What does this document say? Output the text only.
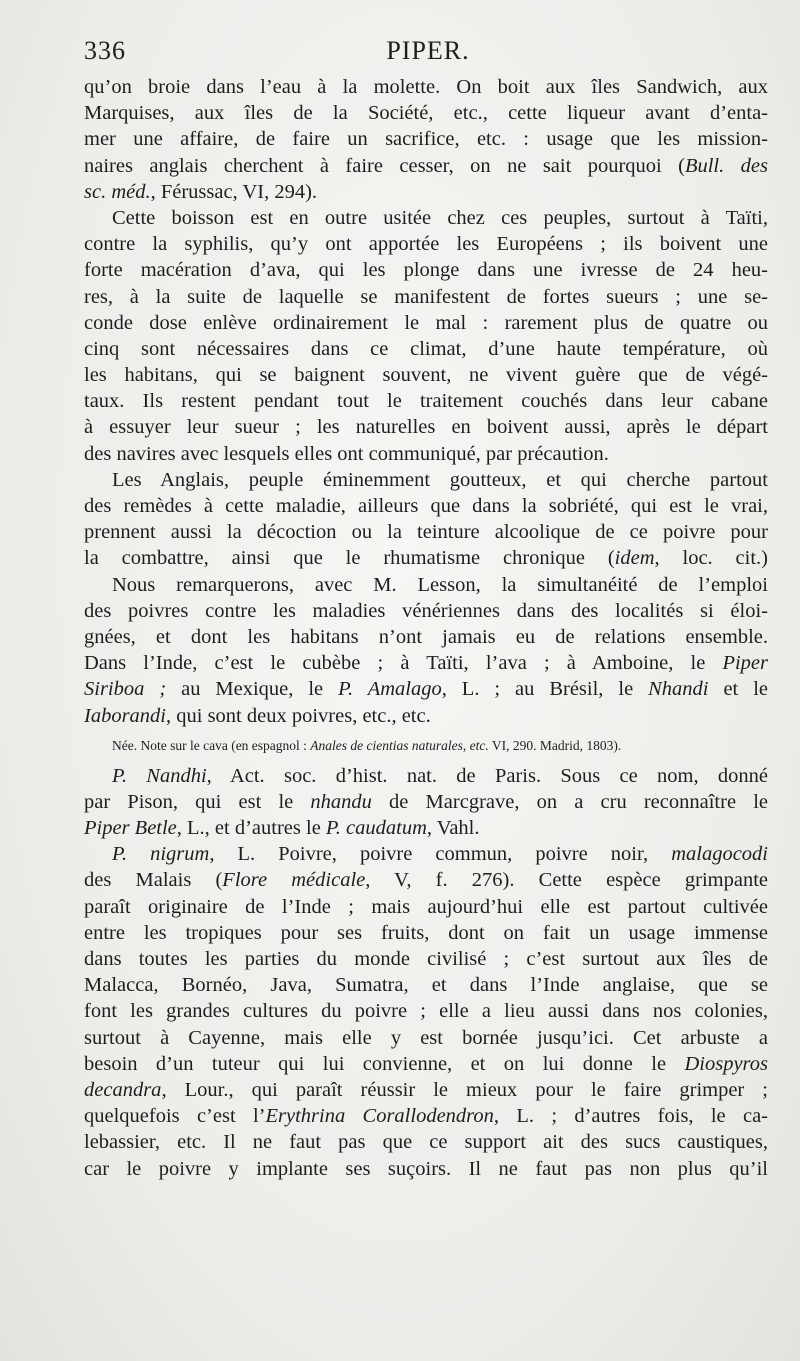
336	PIPER.
qu’on broie dans l’eau à la molette. On boit aux îles Sandwich, aux
Marquises, aux îles de la Société, etc., cette liqueur avant d’enta-
mer une affaire, de faire un sacrifice, etc. : usage que les mission-
naires anglais cherchent à faire cesser, on ne sait pourquoi (Bull. des
sc. méd., Férussac, VI, 294).
Cette boisson est en outre usitée chez ces peuples, surtout à Taïti,
contre la syphilis, qu’y ont apportée les Européens ; ils boivent une
forte macération d’ava, qui les plonge dans une ivresse de 24 heu-
res, à la suite de laquelle se manifestent de fortes sueurs ; une se-
conde dose enlève ordinairement le mal : rarement plus de quatre ou
cinq sont nécessaires dans ce climat, d’une haute température, où
les habitans, qui se baignent souvent, ne vivent guère que de végé-
taux. Ils restent pendant tout le traitement couchés dans leur cabane
à essuyer leur sueur ; les naturelles en boivent aussi, après le départ
des navires avec lesquels elles ont communiqué, par précaution.
Les Anglais, peuple éminemment goutteux, et qui cherche partout
des remèdes à cette maladie, ailleurs que dans la sobriété, qui est le vrai,
prennent aussi la décoction ou la teinture alcoolique de ce poivre pour
la combattre, ainsi que le rhumatisme chronique (idem, loc. cit.)
Nous remarquerons, avec M. Lesson, la simultanéité de l’emploi
des poivres contre les maladies vénériennes dans des localités si éloi-
gnées, et dont les habitans n’ont jamais eu de relations ensemble.
Dans l’Inde, c’est le cubèbe ; à Taïti, l’ava ; à Amboine, le Piper
Siriboa ; au Mexique, le P. Amalago, L. ; au Brésil, le Nhandi et le
Iaborandi, qui sont deux poivres, etc., etc.
Née. Note sur le cava (en espagnol : Anales de cientias naturales, etc. VI, 290. Madrid, 1803).
P. Nandhi, Act. soc. d’hist. nat. de Paris. Sous ce nom, donné
par Pison, qui est le nhandu de Marcgrave, on a cru reconnaître le
Piper Betle, L., et d’autres le P. caudatum, Vahl.
P. nigrum, L. Poivre, poivre commun, poivre noir, malagocodi
des Malais (Flore médicale, V, f. 276). Cette espèce grimpante
paraît originaire de l’Inde ; mais aujourd’hui elle est partout cultivée
entre les tropiques pour ses fruits, dont on fait un usage immense
dans toutes les parties du monde civilisé ; c’est surtout aux îles de
Malacca, Bornéo, Java, Sumatra, et dans l’Inde anglaise, que se
font les grandes cultures du poivre ; elle a lieu aussi dans nos colonies,
surtout à Cayenne, mais elle y est bornée jusqu’ici. Cet arbuste a
besoin d’un tuteur qui lui convienne, et on lui donne le Diospyros
decandra, Lour., qui paraît réussir le mieux pour le faire grimper ;
quelquefois c’est l’Erythrina Corallodendron, L. ; d’autres fois, le ca-
lebassier, etc. Il ne faut pas que ce support ait des sucs caustiques,
car le poivre y implante ses suçoirs. Il ne faut pas non plus qu’il
